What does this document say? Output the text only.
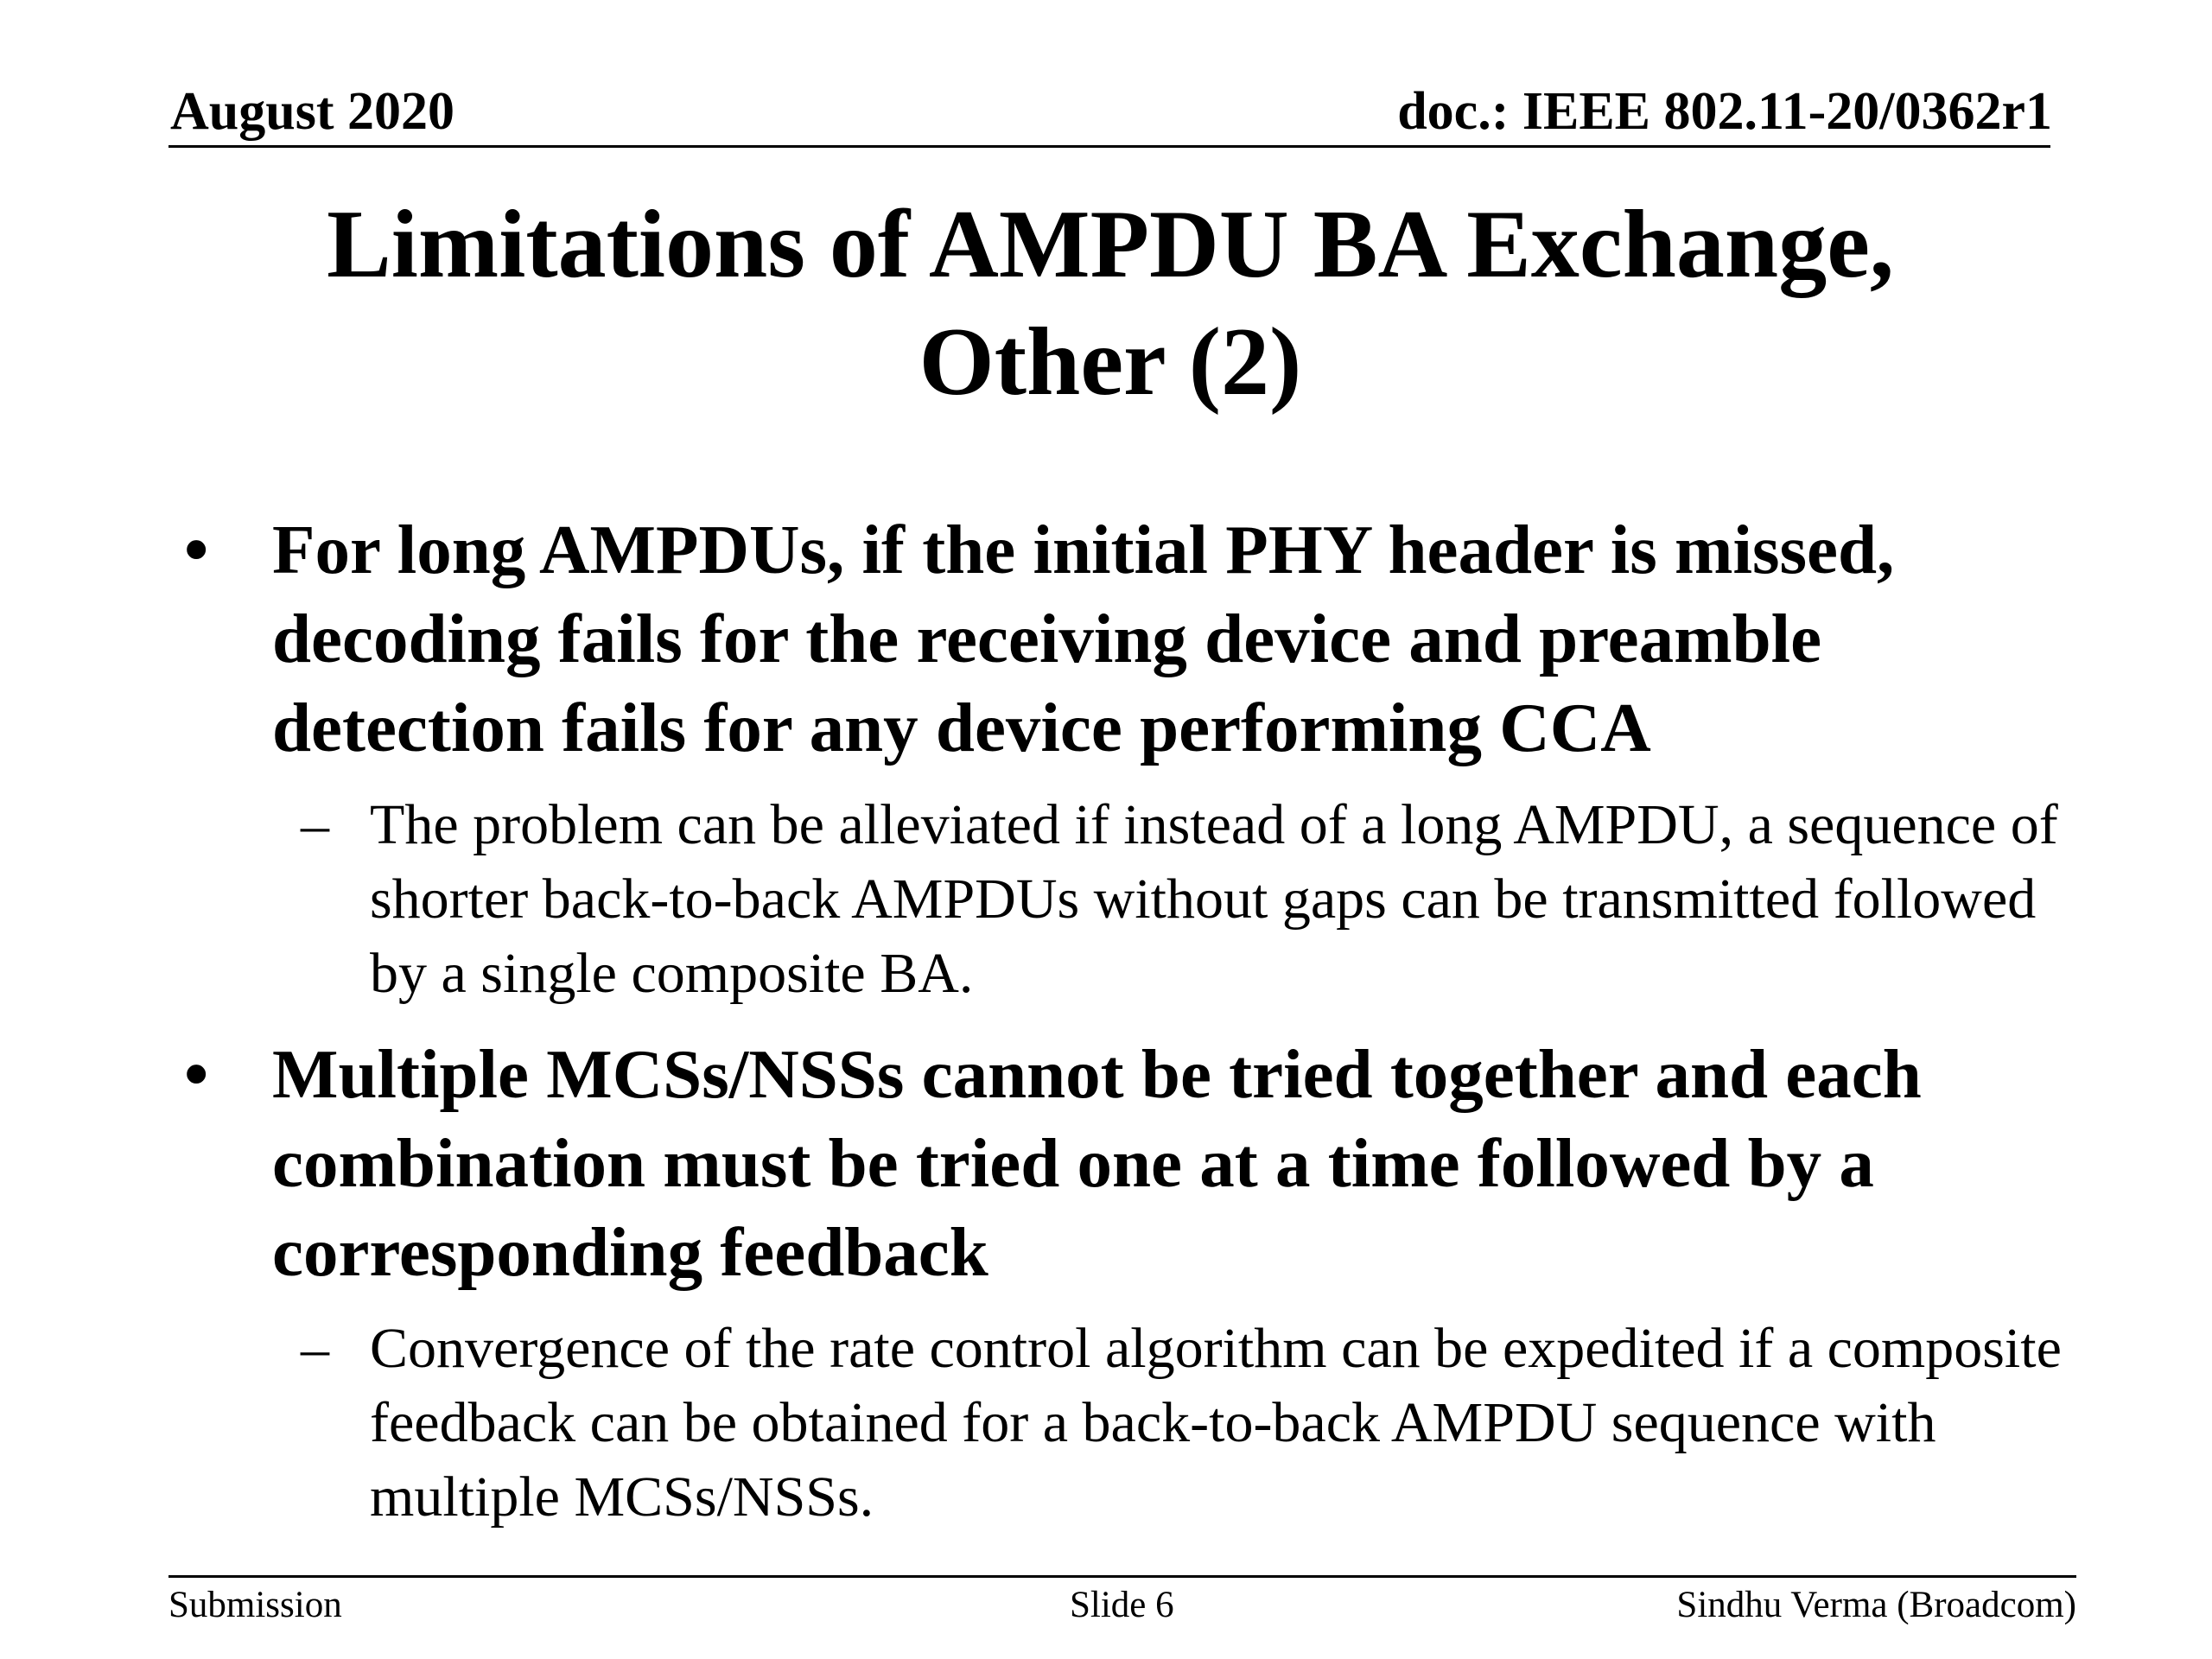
August 2020	doc.: IEEE 802.11-20/0362r1
Limitations of AMPDU BA Exchange,
Other (2)
• For long AMPDUs, if the initial PHY header is missed, decoding fails for the receiving device and preamble detection fails for any device performing CCA
– The problem can be alleviated if instead of a long AMPDU, a sequence of shorter back-to-back AMPDUs without gaps can be transmitted followed by a single composite BA.
• Multiple MCSs/NSSs cannot be tried together and each combination must be tried one at a time followed by a corresponding feedback
– Convergence of the rate control algorithm can be expedited if a composite feedback can be obtained for a back-to-back AMPDU sequence with multiple MCSs/NSSs.
Submission	Slide 6	Sindhu Verma (Broadcom)
